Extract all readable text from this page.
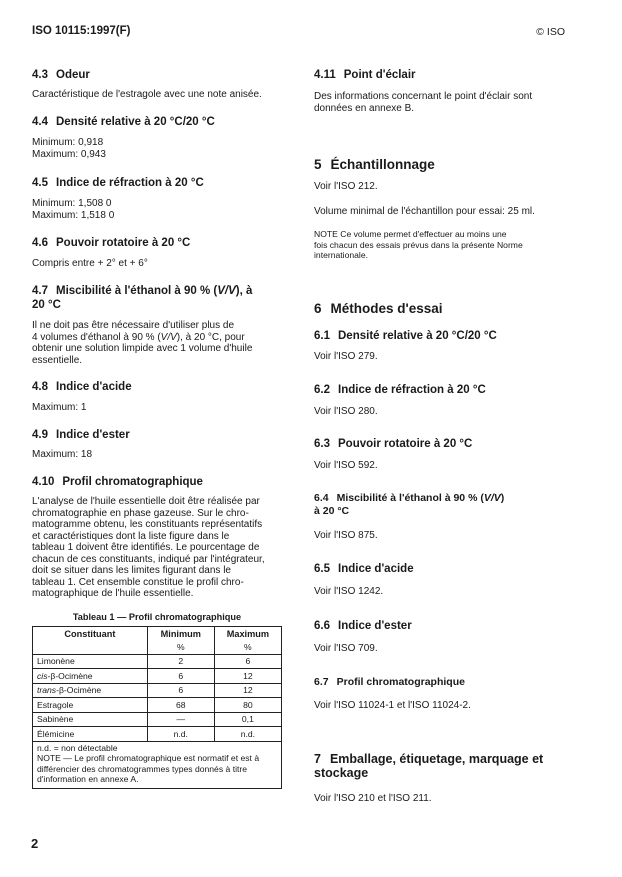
ISO 10115:1997(F)	© ISO
4.3 Odeur
Caractéristique de l'estragole avec une note anisée.
4.4 Densité relative à 20 °C/20 °C
Minimum: 0,918
Maximum: 0,943
4.5 Indice de réfraction à 20 °C
Minimum: 1,508 0
Maximum: 1,518 0
4.6 Pouvoir rotatoire à 20 °C
Compris entre + 2° et + 6°
4.7 Miscibilité à l'éthanol à 90 % (V/V), à
20 °C
Il ne doit pas être nécessaire d'utiliser plus de
4 volumes d'éthanol à 90 % (V/V), à 20 °C, pour
obtenir une solution limpide avec 1 volume d'huile
essentielle.
4.8 Indice d'acide
Maximum: 1
4.9 Indice d'ester
Maximum: 18
4.10 Profil chromatographique
L'analyse de l'huile essentielle doit être réalisée par
chromatographie en phase gazeuse. Sur le chro-
matogramme obtenu, les constituants représentatifs
et caractéristiques dont la liste figure dans le
tableau 1 doivent être identifiés. Le pourcentage de
chacun de ces constituants, indiqué par l'intégrateur,
doit se situer dans les limites figurant dans le
tableau 1. Cet ensemble constitue le profil chro-
matographique de l'huile essentielle.
Tableau 1 — Profil chromatographique
Constituant	Minimum	Maximum
	%	%
Limonène	2	6
cis-β-Ocimène	6	12
trans-β-Ocimène	6	12
Estragole	68	80
Sabinène	—	0,1
Élémicine	n.d.	n.d.

n.d. = non détectable
NOTE — Le profil chromatographique est normatif et est à
différencier des chromatogrammes types donnés à titre
d'information en annexe A.		
4.11 Point d'éclair
Des informations concernant le point d'éclair sont
données en annexe B.
5 Échantillonnage
Voir l'ISO 212.
Volume minimal de l'échantillon pour essai: 25 ml.
NOTE Ce volume permet d'effectuer au moins une
fois chacun des essais prévus dans la présente Norme
internationale.
6 Méthodes d'essai
6.1 Densité relative à 20 °C/20 °C
Voir l'ISO 279.
6.2 Indice de réfraction à 20 °C
Voir l'ISO 280.
6.3 Pouvoir rotatoire à 20 °C
Voir l'ISO 592.
6.4 Miscibilité à l'éthanol à 90 % (V/V)
à 20 °C
Voir l'ISO 875.
6.5 Indice d'acide
Voir l'ISO 1242.
6.6 Indice d'ester
Voir l'ISO 709.
6.7 Profil chromatographique
Voir l'ISO 11024-1 et l'ISO 11024-2.
7 Emballage, étiquetage, marquage et
stockage
Voir l'ISO 210 et l'ISO 211.
2
